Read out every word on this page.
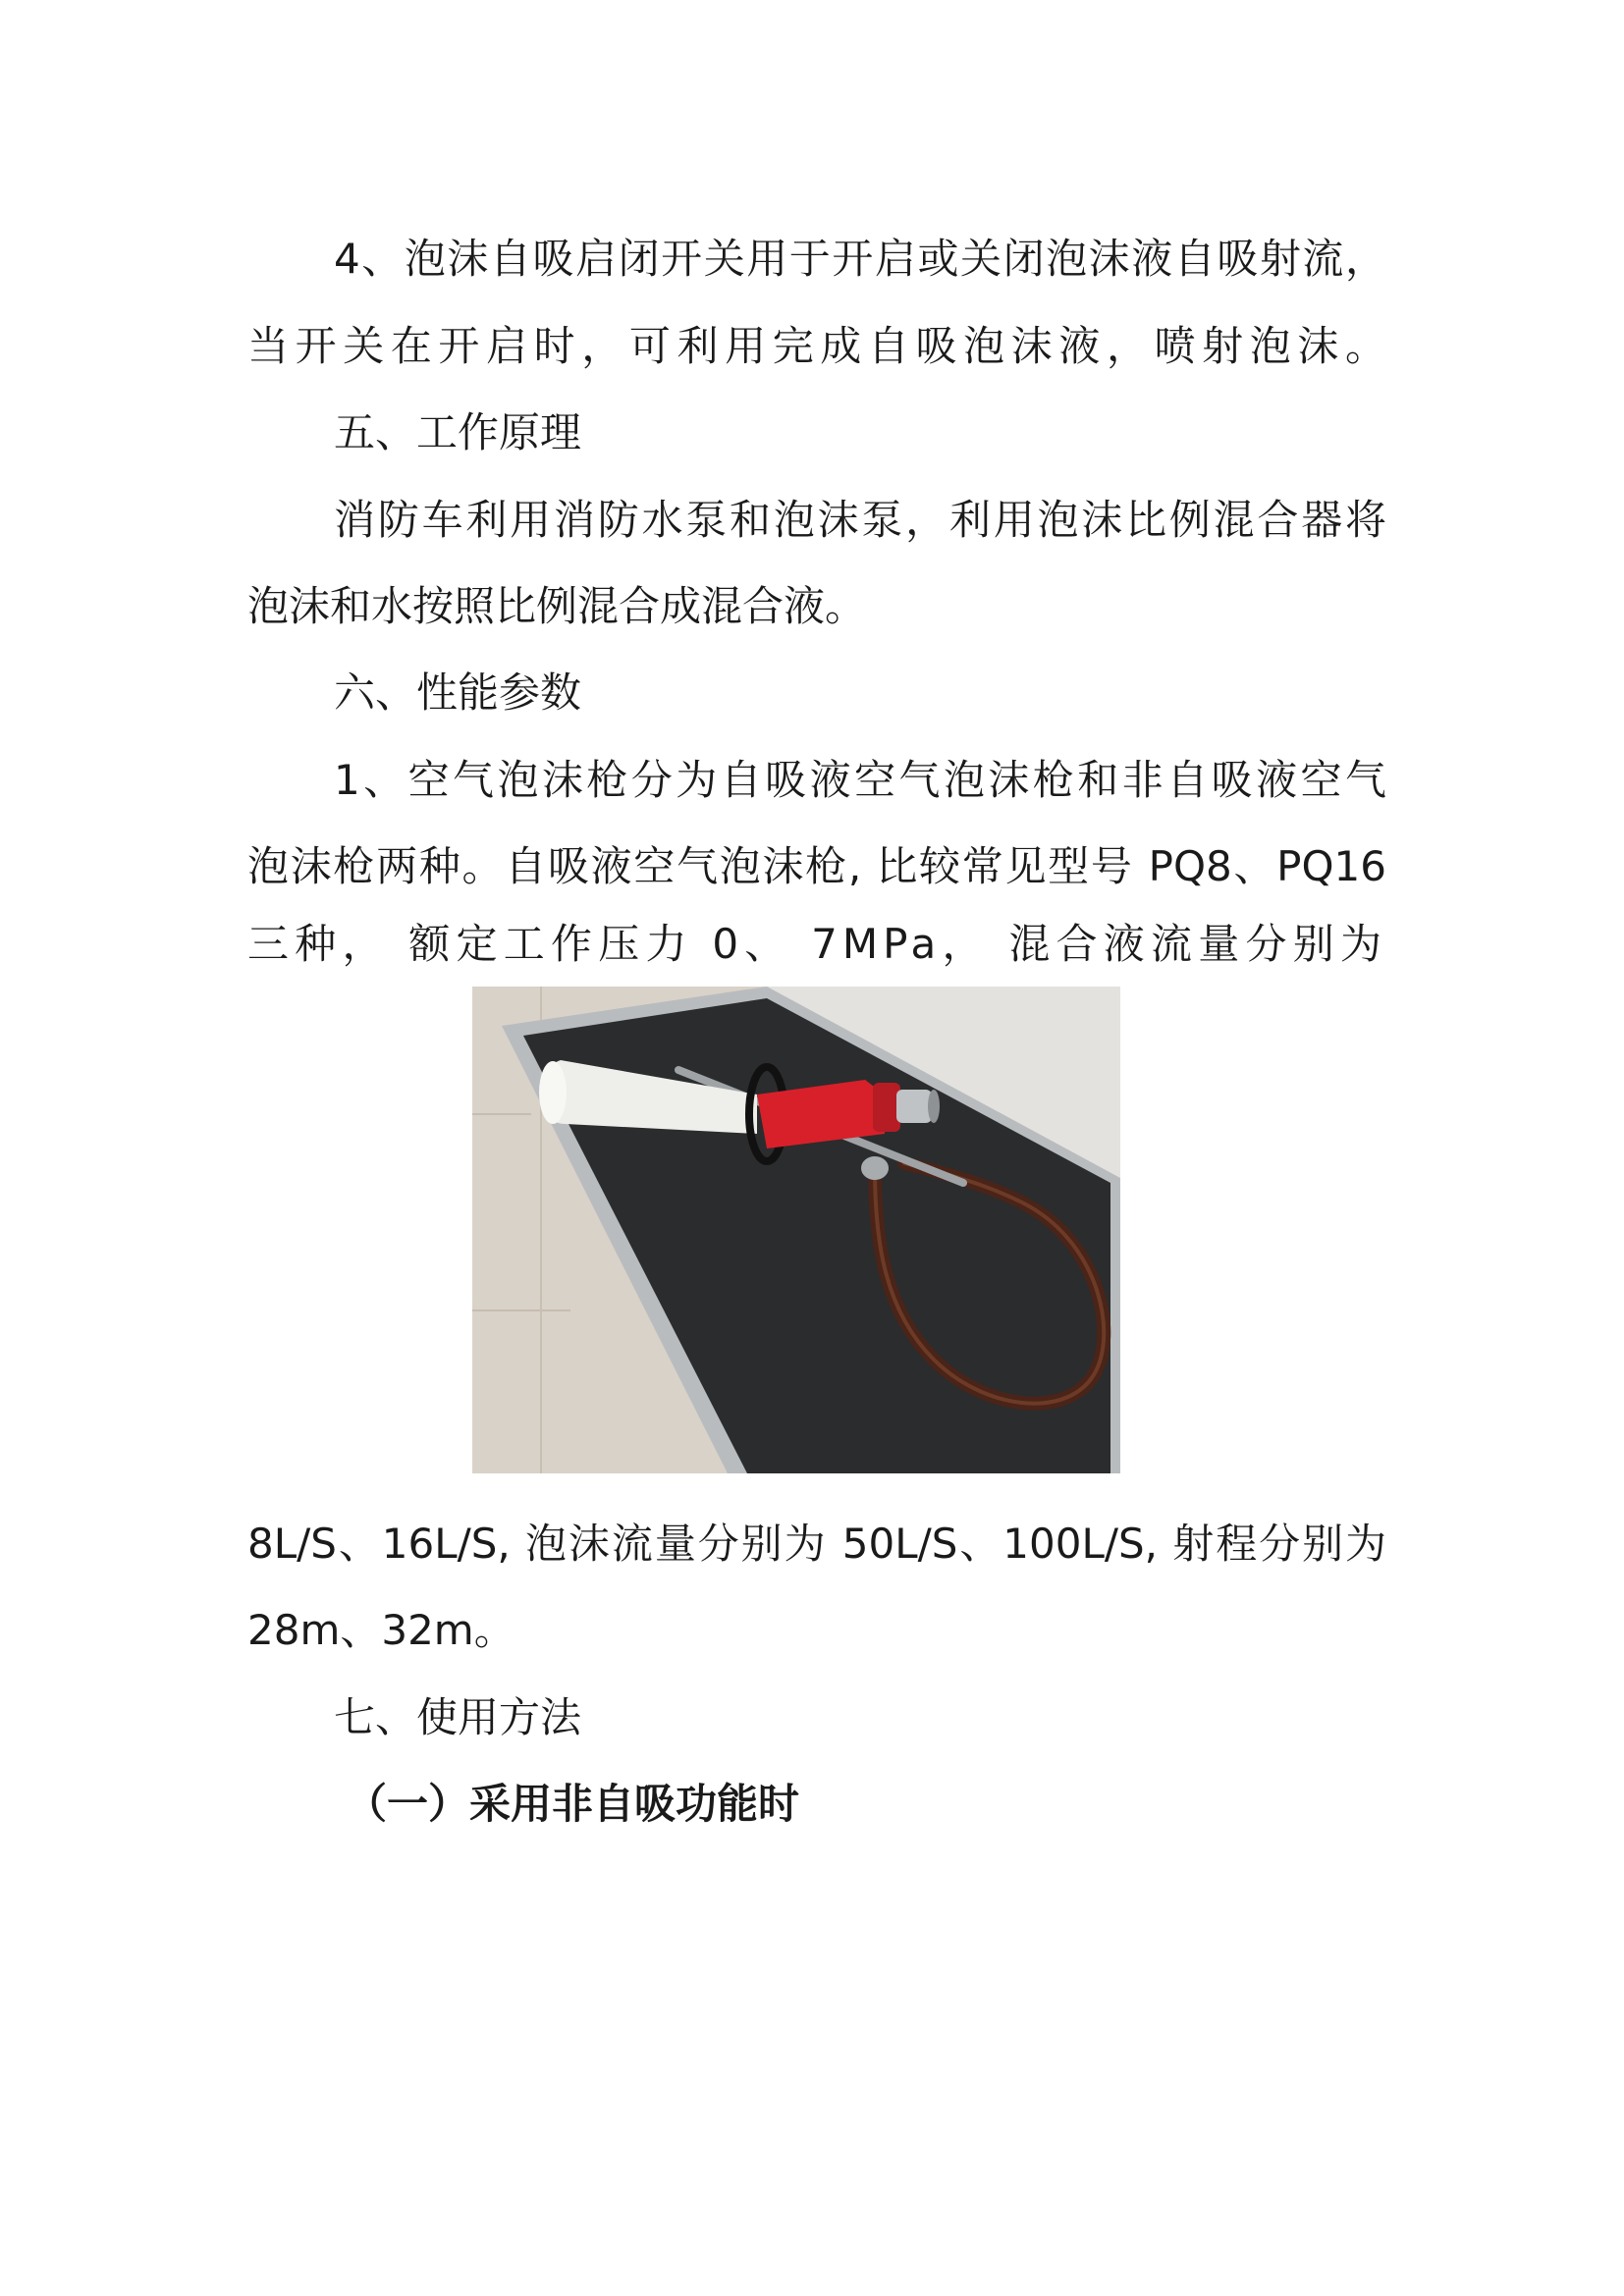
4、泡沫自吸启闭开关用于开启或关闭泡沫液自吸射流，
当开关在开启时，可利用完成自吸泡沫液，喷射泡沫。
五、工作原理
消防车利用消防水泵和泡沫泵，利用泡沫比例混合器将
泡沫和水按照比例混合成混合液。
六、性能参数
1、空气泡沫枪分为自吸液空气泡沫枪和非自吸液空气
泡沫枪两种。自吸液空气泡沫枪, 比较常见型号 PQ8、PQ16
三种， 额定工作压力 0、 7MPa， 混合液流量分别为
8L/S、16L/S, 泡沫流量分别为 50L/S、100L/S, 射程分别为
28m、32m。
七、使用方法
（一）采用非自吸功能时
